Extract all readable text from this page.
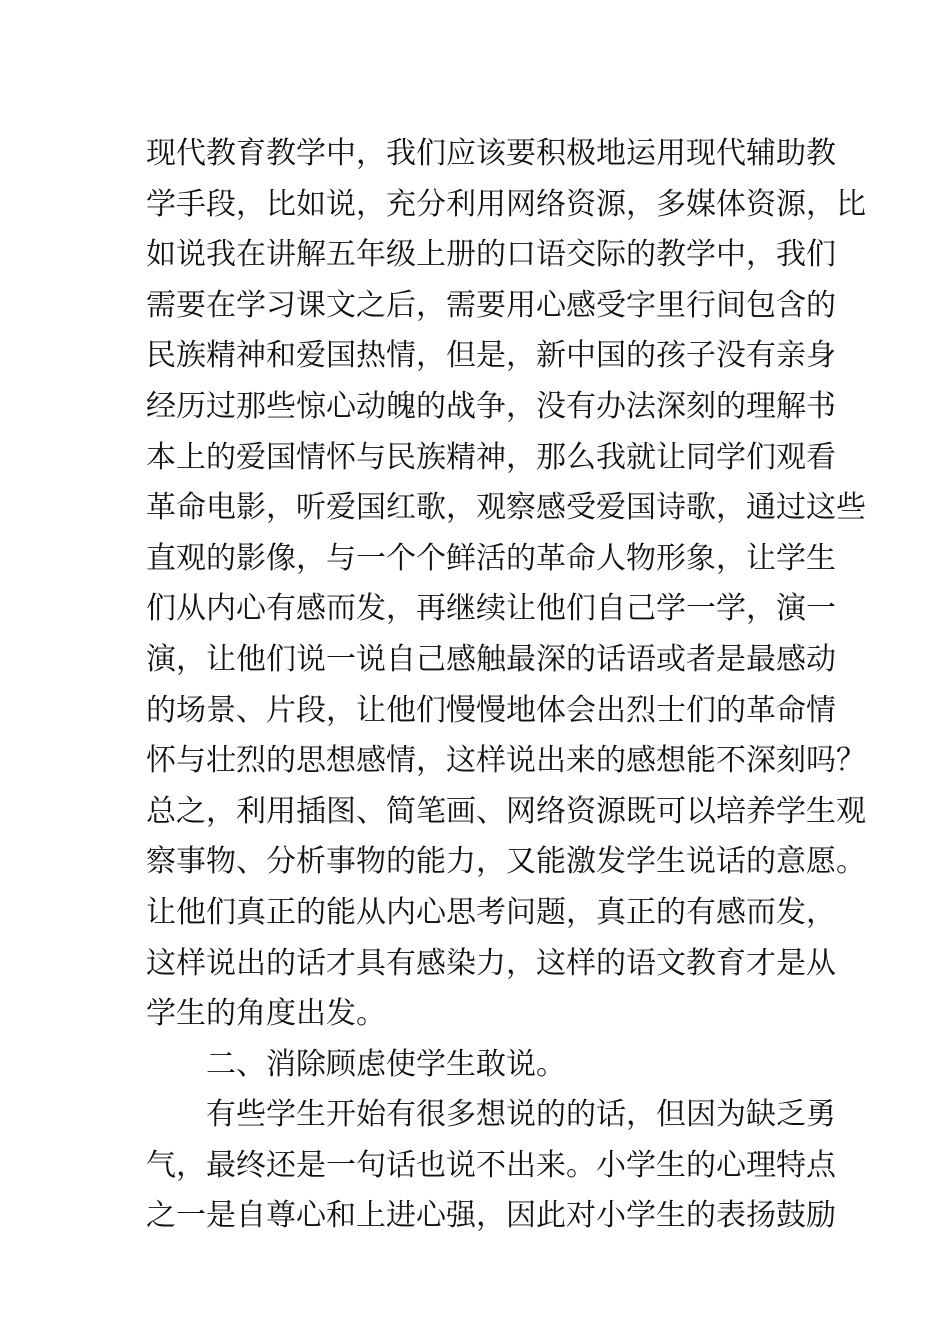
现代教育教学中，我们应该要积极地运用现代辅助教
学手段，比如说，充分利用网络资源，多媒体资源，比
如说我在讲解五年级上册的口语交际的教学中，我们
需要在学习课文之后，需要用心感受字里行间包含的
民族精神和爱国热情，但是，新中国的孩子没有亲身
经历过那些惊心动魄的战争，没有办法深刻的理解书
本上的爱国情怀与民族精神，那么我就让同学们观看
革命电影，听爱国红歌，观察感受爱国诗歌，通过这些
直观的影像，与一个个鲜活的革命人物形象，让学生
们从内心有感而发，再继续让他们自己学一学，演一
演，让他们说一说自己感触最深的话语或者是最感动
的场景、片段，让他们慢慢地体会出烈士们的革命情
怀与壮烈的思想感情，这样说出来的感想能不深刻吗？
总之，利用插图、简笔画、网络资源既可以培养学生观
察事物、分析事物的能力，又能激发学生说话的意愿。
让他们真正的能从内心思考问题，真正的有感而发，
这样说出的话才具有感染力，这样的语文教育才是从
学生的角度出发。
二、消除顾虑使学生敢说。
有些学生开始有很多想说的的话，但因为缺乏勇
气，最终还是一句话也说不出来。小学生的心理特点
之一是自尊心和上进心强，因此对小学生的表扬鼓励
